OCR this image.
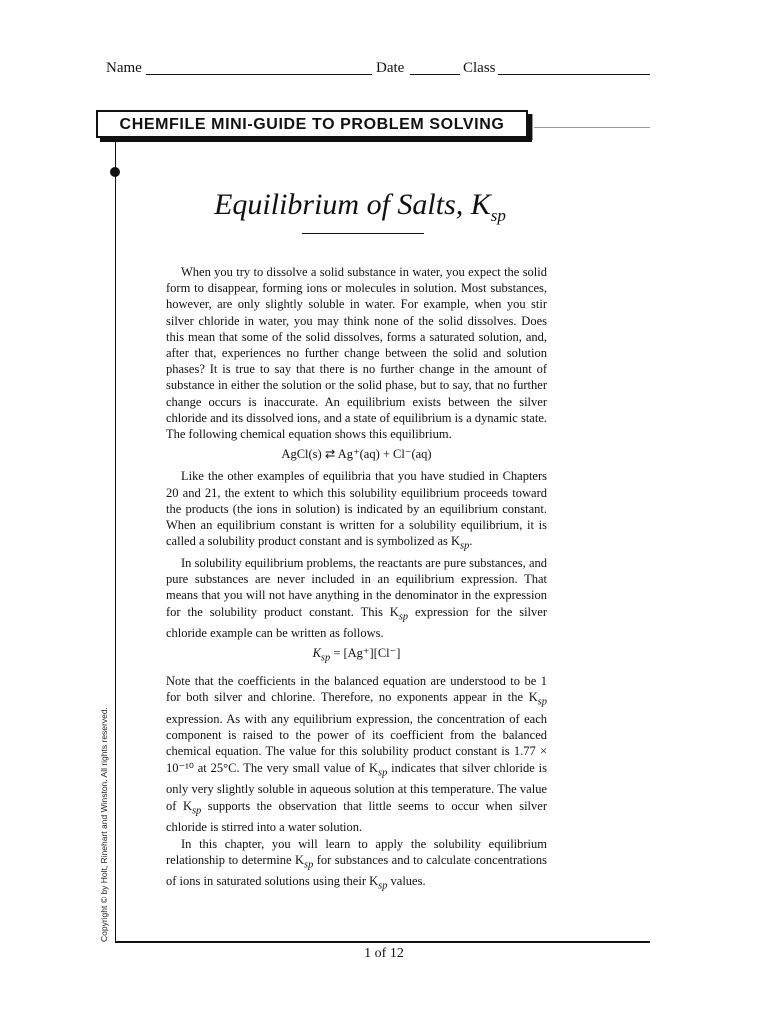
Name	Date	Class
CHEMFILE MINI-GUIDE TO PROBLEM SOLVING
Equilibrium of Salts, $K_{sp}$

When you try to dissolve a solid substance in water, you expect the solid form to disappear, forming ions or molecules in solution. Most substances, however, are only slightly soluble in water. For example, when you stir silver chloride in water, you may think none of the solid dissolves. Does this mean that some of the solid dissolves, forms a saturated solution, and, after that, experiences no further change between the solid and solution phases? It is true to say that there is no further change in the amount of substance in either the solution or the solid phase, but to say, that no further change occurs is inaccurate. An equilibrium exists between the silver chloride and its dissolved ions, and a state of equilibrium is a dynamic state. The following chemical equation shows this equilibrium.

AgCl(s) ⇄ Ag⁺(aq) + Cl⁻(aq)

Like the other examples of equilibria that you have studied in Chapters 20 and 21, the extent to which this solubility equilibrium proceeds toward the products (the ions in solution) is indicated by an equilibrium constant. When an equilibrium constant is written for a solubility equilibrium, it is called a solubility product constant and is symbolized as $K_{sp}$.

In solubility equilibrium problems, the reactants are pure substances, and pure substances are never included in an equilibrium expression. That means that you will not have anything in the denominator in the expression for the solubility product constant. This $K_{sp}$ expression for the silver chloride example can be written as follows.

$K_{sp} = [Ag^+][Cl^-]$

Note that the coefficients in the balanced equation are understood to be 1 for both silver and chlorine. Therefore, no exponents appear in the $K_{sp}$ expression. As with any equilibrium expression, the concentration of each component is raised to the power of its coefficient from the balanced chemical equation. The value for this solubility product constant is 1.77 × 10⁻¹⁰ at 25°C. The very small value of $K_{sp}$ indicates that silver chloride is only very slightly soluble in aqueous solution at this temperature. The value of $K_{sp}$ supports the observation that little seems to occur when silver chloride is stirred into a water solution.

In this chapter, you will learn to apply the solubility equilibrium relationship to determine $K_{sp}$ for substances and to calculate concentrations of ions in saturated solutions using their $K_{sp}$ values.

Copyright © by Holt, Rinehart and Winston. All rights reserved.
1 of 12
